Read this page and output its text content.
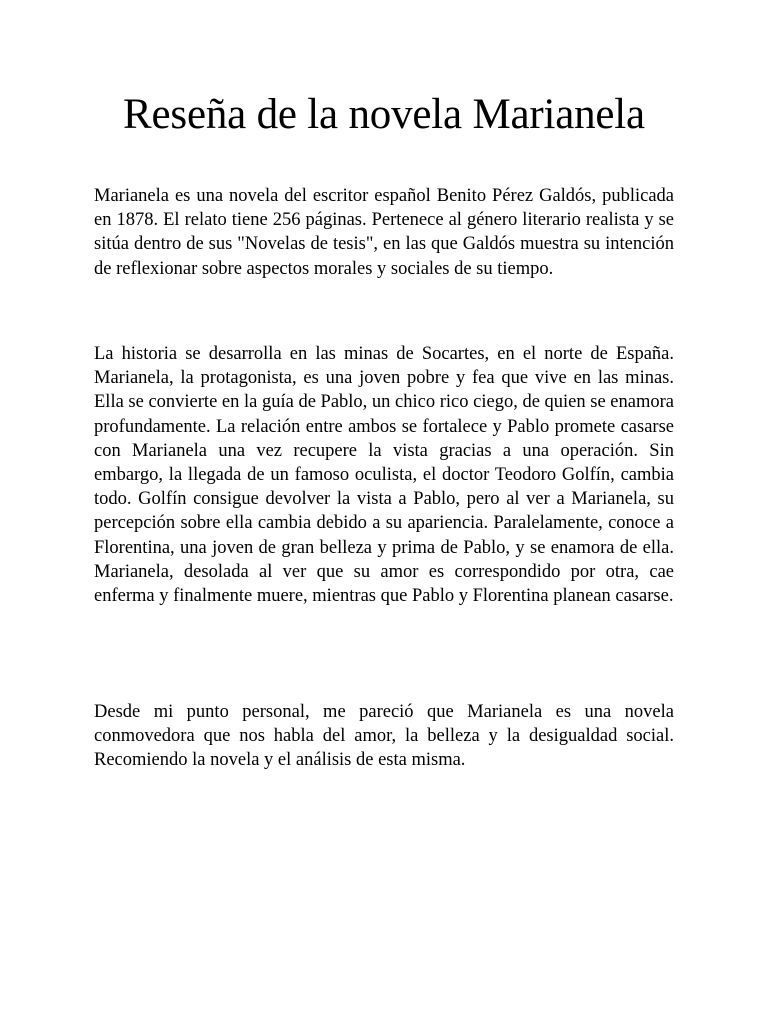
Reseña de la novela Marianela

Marianela es una novela del escritor español Benito Pérez Galdós, publicada en 1878. El relato tiene 256 páginas. Pertenece al género literario realista y se sitúa dentro de sus "Novelas de tesis", en las que Galdós muestra su intención de reflexionar sobre aspectos morales y sociales de su tiempo.

La historia se desarrolla en las minas de Socartes, en el norte de España. Marianela, la protagonista, es una joven pobre y fea que vive en las minas. Ella se convierte en la guía de Pablo, un chico rico ciego, de quien se enamora profundamente. La relación entre ambos se fortalece y Pablo promete casarse con Marianela una vez recupere la vista gracias a una operación. Sin embargo, la llegada de un famoso oculista, el doctor Teodoro Golfín, cambia todo. Golfín consigue devolver la vista a Pablo, pero al ver a Marianela, su percepción sobre ella cambia debido a su apariencia. Paralelamente, conoce a Florentina, una joven de gran belleza y prima de Pablo, y se enamora de ella. Marianela, desolada al ver que su amor es correspondido por otra, cae enferma y finalmente muere, mientras que Pablo y Florentina planean casarse.

Desde mi punto personal, me pareció que Marianela es una novela conmovedora que nos habla del amor, la belleza y la desigualdad social. Recomiendo la novela y el análisis de esta misma.
